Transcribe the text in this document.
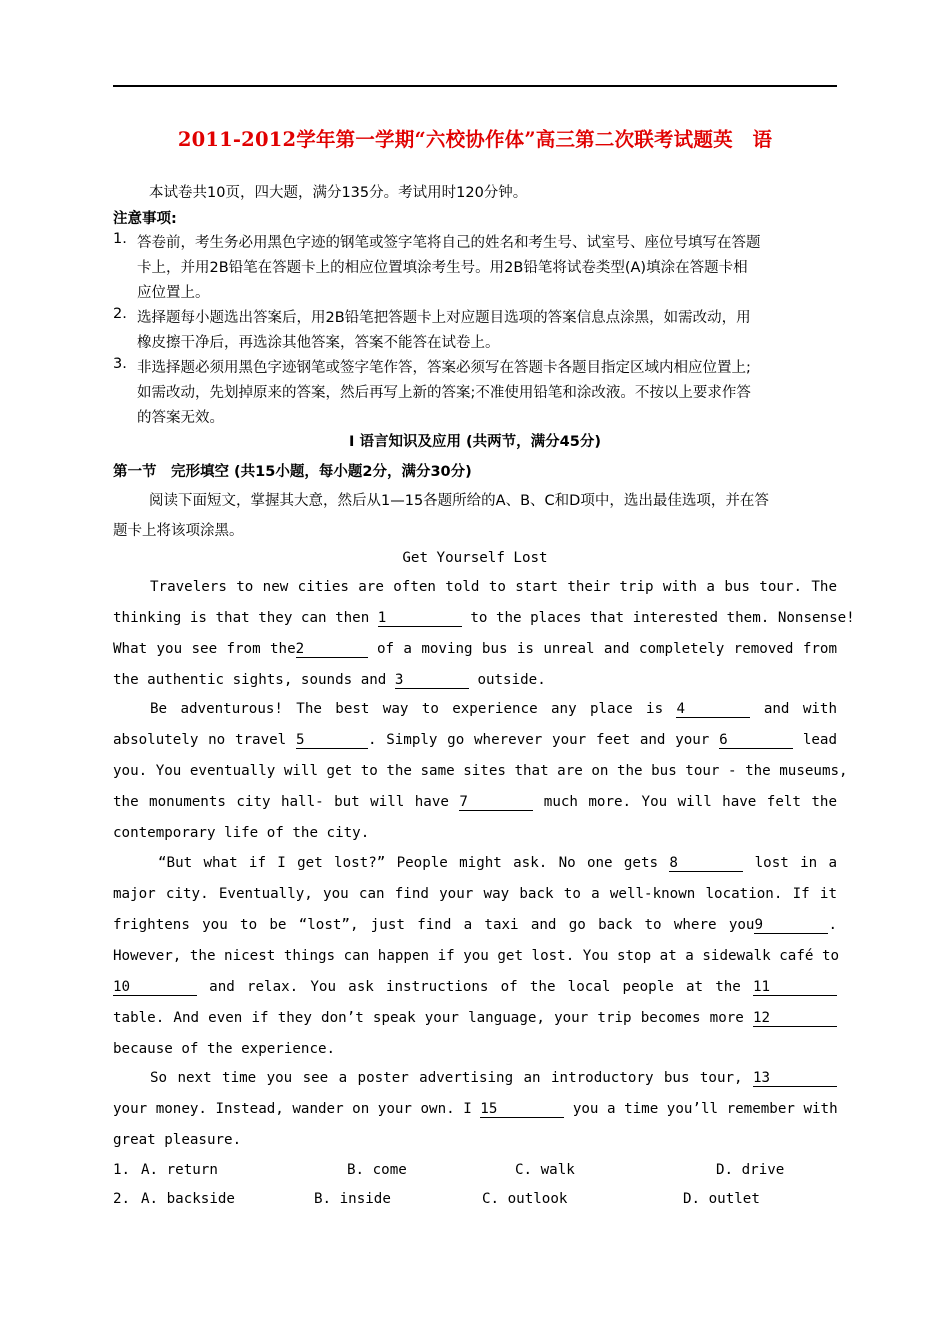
2011-2012学年第一学期“六校协作体”高三第二次联考试题英　语
本试卷共10页，四大题，满分135分。考试用时120分钟。
注意事项:
1. 答卷前，考生务必用黑色字迹的钢笔或签字笔将自己的姓名和考生号、试室号、座位号填写在答题
卡上，并用2B铅笔在答题卡上的相应位置填涂考生号。用2B铅笔将试卷类型(A)填涂在答题卡相
应位置上。
2. 选择题每小题选出答案后，用2B铅笔把答题卡上对应题目选项的答案信息点涂黑，如需改动，用
橡皮擦干净后，再选涂其他答案，答案不能答在试卷上。
3. 非选择题必须用黑色字迹钢笔或签字笔作答，答案必须写在答题卡各题目指定区域内相应位置上;
如需改动，先划掉原来的答案，然后再写上新的答案;不准使用铅笔和涂改液。不按以上要求作答
的答案无效。
I 语言知识及应用 (共两节，满分45分)
第一节　完形填空 (共15小题，每小题2分，满分30分)
阅读下面短文，掌握其大意，然后从1—15各题所给的A、B、C和D项中，选出最佳选项，并在答
题卡上将该项涂黑。
Get Yourself Lost
Travelers to new cities are often told to start their trip with a bus tour. The
thinking is that they can then 1	to the places that interested them. Nonsense!
What you see from the2	of a moving bus is unreal and completely removed from
the authentic sights, sounds and 3	outside.
Be adventurous! The best way to experience any place is 4	and with
absolutely no travel 5	. Simply go wherever your feet and your 6	lead
you. You eventually will get to the same sites that are on the bus tour - the museums,
the monuments city hall- but will have 7	much more. You will have felt the
contemporary life of the city.
“But what if I get lost?” People might ask. No one gets 8	lost in a
major city. Eventually, you can find your way back to a well-known location. If it
frightens you to be “lost”, just find a taxi and go back to where you9	.
However, the nicest things can happen if you get lost. You stop at a sidewalk café to
10	and relax. You ask instructions of the local people at the 11
table. And even if they don’t speak your language, your trip becomes more 12
because of the experience.
So next time you see a poster advertising an introductory bus tour, 13
your money. Instead, wander on your own. I 15	you a time you’ll remember with
great pleasure.
1. A. return	B. come	C. walk	D. drive
2. A. backside	B. inside	C. outlook	D. outlet
